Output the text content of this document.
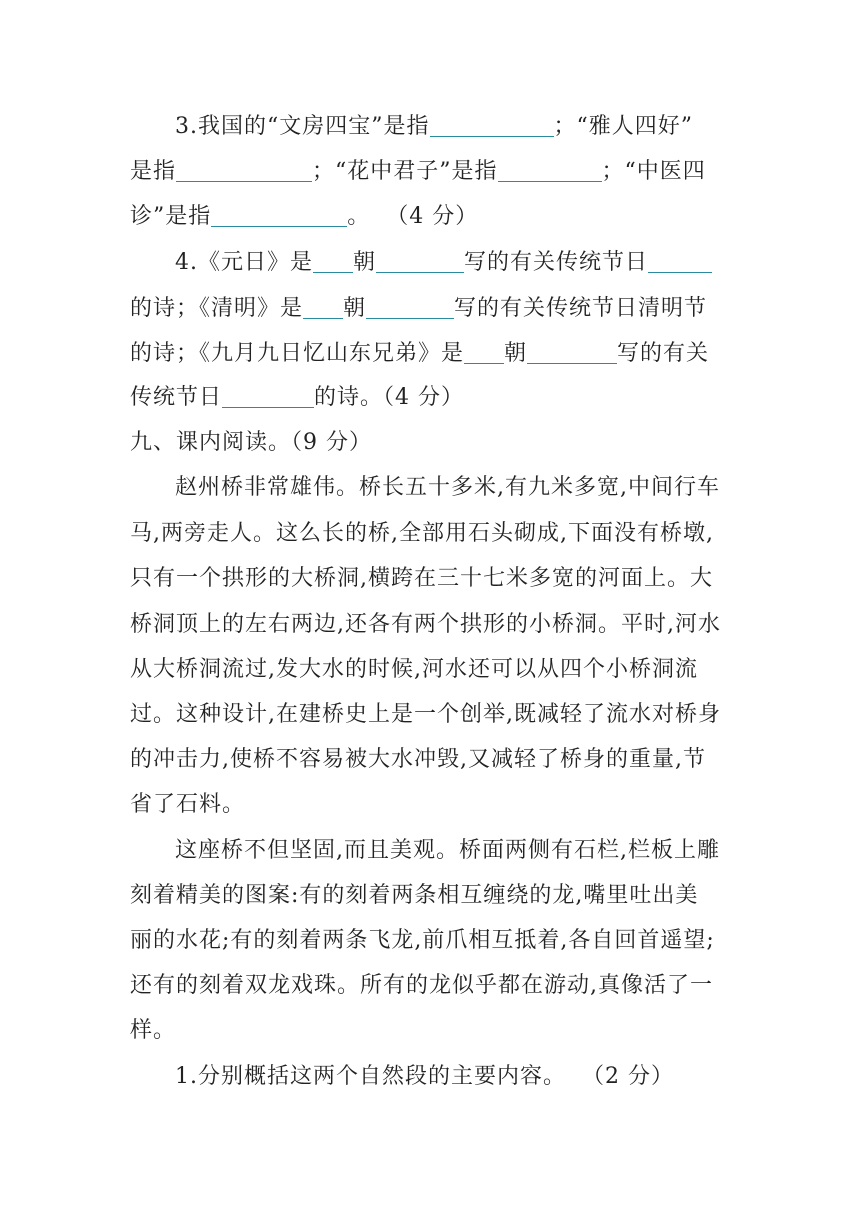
3.我国的“文房四宝”是指	；“雅人四好”
是指	；“花中君子”是指	；“中医四
诊”是指	。 （4 分）
4.《元日》是 朝	写的有关传统节日
的诗；《清明》是 朝	写的有关传统节日清明节
的诗；《九月九日忆山东兄弟》是 朝	写的有关
传统节日	的诗。（4 分）
九、课内阅读。（9 分）
赵州桥非常雄伟。桥长五十多米,有九米多宽,中间行车
马,两旁走人。这么长的桥,全部用石头砌成,下面没有桥墩,
只有一个拱形的大桥洞,横跨在三十七米多宽的河面上。大
桥洞顶上的左右两边,还各有两个拱形的小桥洞。平时,河水
从大桥洞流过,发大水的时候,河水还可以从四个小桥洞流
过。这种设计,在建桥史上是一个创举,既减轻了流水对桥身
的冲击力,使桥不容易被大水冲毁,又减轻了桥身的重量,节
省了石料。
这座桥不但坚固,而且美观。桥面两侧有石栏,栏板上雕
刻着精美的图案:有的刻着两条相互缠绕的龙,嘴里吐出美
丽的水花;有的刻着两条飞龙,前爪相互抵着,各自回首遥望;
还有的刻着双龙戏珠。所有的龙似乎都在游动,真像活了一
样。
1.分别概括这两个自然段的主要内容。 （2 分）
